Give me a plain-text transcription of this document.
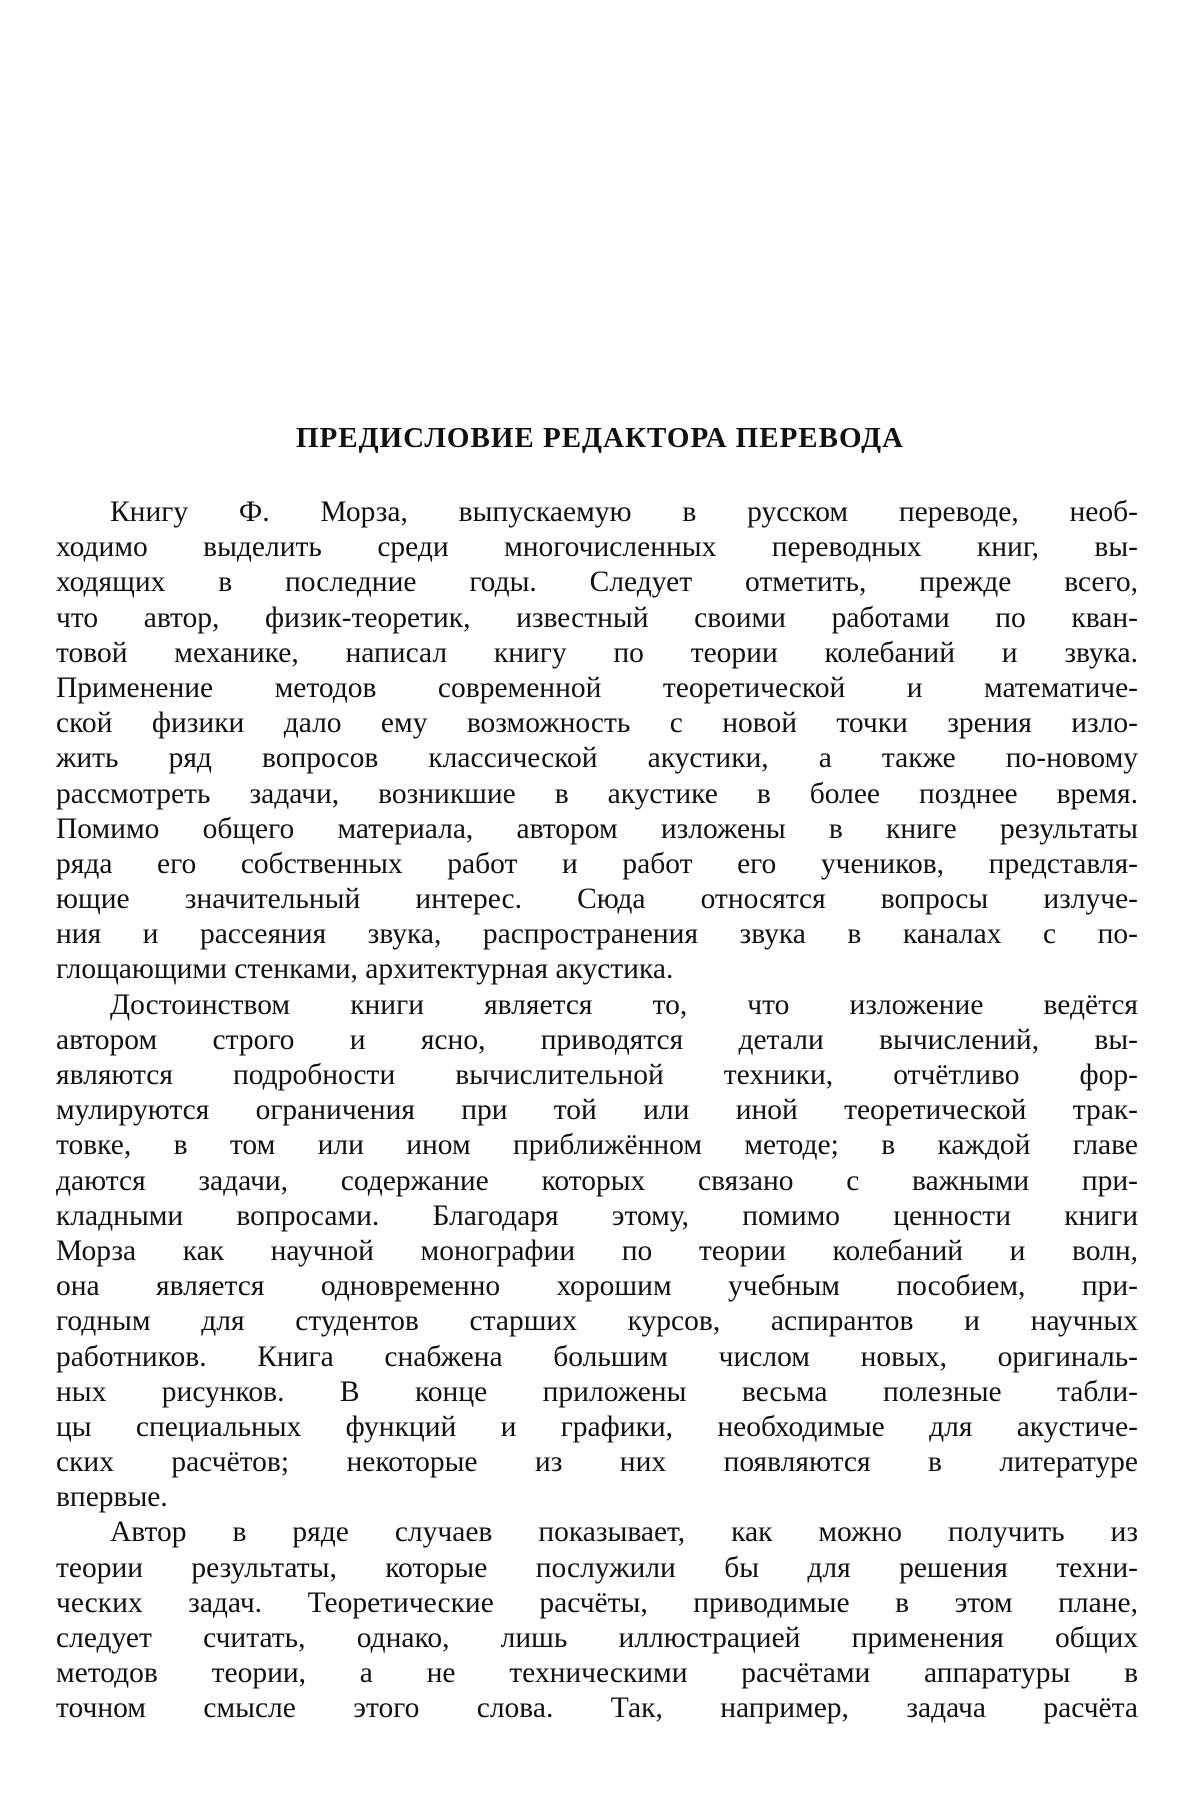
ПРЕДИСЛОВИЕ РЕДАКТОРА ПЕРЕВОДА
Книгу Ф. Морза, выпускаемую в русском переводе, необ-
ходимо выделить среди многочисленных переводных книг, вы-
ходящих в последние годы. Следует отметить, прежде всего,
что автор, физик-теоретик, известный своими работами по кван-
товой механике, написал книгу по теории колебаний и звука.
Применение методов современной теоретической и математиче-
ской физики дало ему возможность с новой точки зрения изло-
жить ряд вопросов классической акустики, а также по-новому
рассмотреть задачи, возникшие в акустике в более позднее время.
Помимо общего материала, автором изложены в книге результаты
ряда его собственных работ и работ его учеников, представля-
ющие значительный интерес. Сюда относятся вопросы излуче-
ния и рассеяния звука, распространения звука в каналах с по-
глощающими стенками, архитектурная акустика.
Достоинством книги является то, что изложение ведётся
автором строго и ясно, приводятся детали вычислений, вы-
являются подробности вычислительной техники, отчётливо фор-
мулируются ограничения при той или иной теоретической трак-
товке, в том или ином приближённом методе; в каждой главе
даются задачи, содержание которых связано с важными при-
кладными вопросами. Благодаря этому, помимо ценности книги
Морза как научной монографии по теории колебаний и волн,
она является одновременно хорошим учебным пособием, при-
годным для студентов старших курсов, аспирантов и научных
работников. Книга снабжена большим числом новых, оригиналь-
ных рисунков. В конце приложены весьма полезные табли-
цы специальных функций и графики, необходимые для акустиче-
ских расчётов; некоторые из них появляются в литературе
впервые.
Автор в ряде случаев показывает, как можно получить из
теории результаты, которые послужили бы для решения техни-
ческих задач. Теоретические расчёты, приводимые в этом плане,
следует считать, однако, лишь иллюстрацией применения общих
методов теории, а не техническими расчётами аппаратуры в
точном смысле этого слова. Так, например, задача расчёта
